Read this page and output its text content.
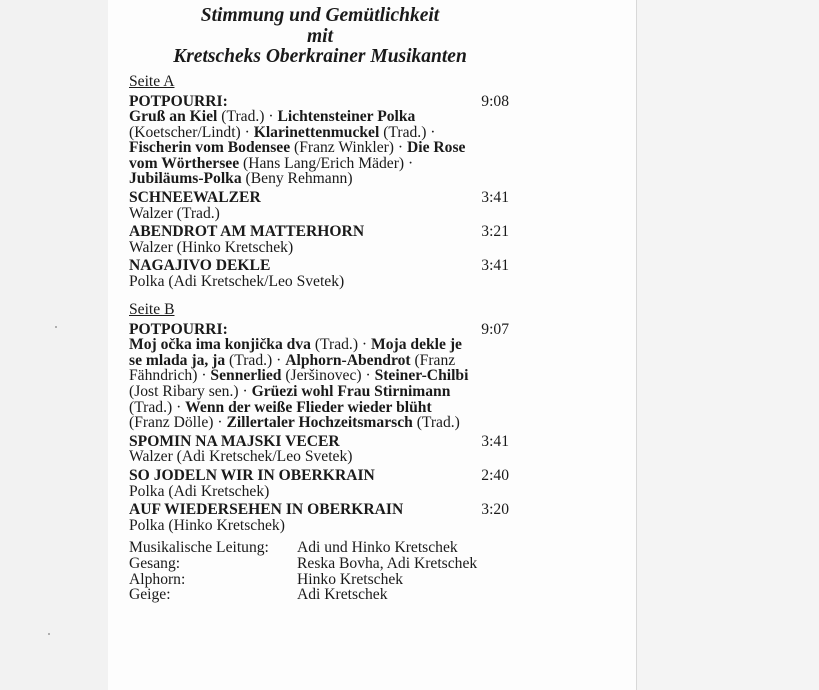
Stimmung und Gemütlichkeit
mit
Kretscheks Oberkrainer Musikanten
Seite A
POTPOURRI:	9:08
Gruß an Kiel (Trad.) · Lichtensteiner Polka
(Koetscher/Lindt) · Klarinettenmuckel (Trad.) ·
Fischerin vom Bodensee (Franz Winkler) · Die Rose
vom Wörthersee (Hans Lang/Erich Mäder) ·
Jubiläums-Polka (Beny Rehmann)
SCHNEEWALZER	3:41
Walzer (Trad.)
ABENDROT AM MATTERHORN	3:21
Walzer (Hinko Kretschek)
NAGAJIVO DEKLE	3:41
Polka (Adi Kretschek/Leo Svetek)
Seite B
POTPOURRI:	9:07
Moj očka ima konjička dva (Trad.) · Moja dekle je
se mlada ja, ja (Trad.) · Alphorn-Abendrot (Franz
Fähndrich) · Sennerlied (Jeršinovec) · Steiner-Chilbi
(Jost Ribary sen.) · Grüezi wohl Frau Stirnimann
(Trad.) · Wenn der weiße Flieder wieder blüht
(Franz Dölle) · Zillertaler Hochzeitsmarsch (Trad.)
SPOMIN NA MAJSKI VECER	3:41
Walzer (Adi Kretschek/Leo Svetek)
SO JODELN WIR IN OBERKRAIN	2:40
Polka (Adi Kretschek)
AUF WIEDERSEHEN IN OBERKRAIN	3:20
Polka (Hinko Kretschek)
Musikalische Leitung:	Adi und Hinko Kretschek
Gesang:	Reska Bovha, Adi Kretschek
Alphorn:	Hinko Kretschek
Geige:	Adi Kretschek
